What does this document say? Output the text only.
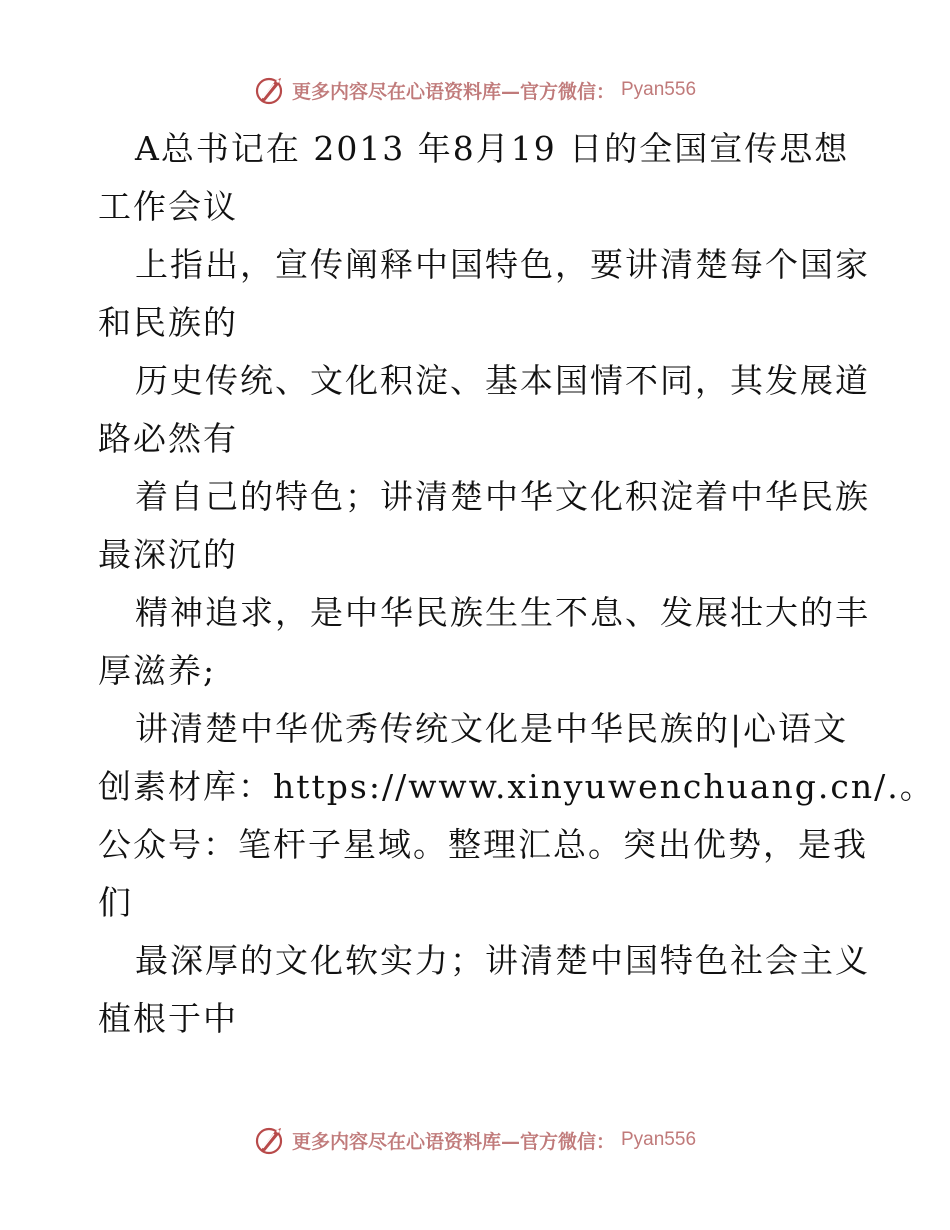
更多内容尽在心语资料库—官方微信： Pyan556
A总书记在 2013 年8月19 日的全国宣传思想
工作会议
上指出，宣传阐释中国特色，要讲清楚每个国家
和民族的
历史传统、文化积淀、基本国情不同，其发展道
路必然有
着自己的特色；讲清楚中华文化积淀着中华民族
最深沉的
精神追求，是中华民族生生不息、发展壮大的丰
厚滋养;
讲清楚中华优秀传统文化是中华民族的|心语文
创素材库：https://www.xinyuwenchuang.cn/.。
公众号：笔杆子星域。整理汇总。突出优势，是我
们
最深厚的文化软实力；讲清楚中国特色社会主义
植根于中
更多内容尽在心语资料库—官方微信： Pyan556
